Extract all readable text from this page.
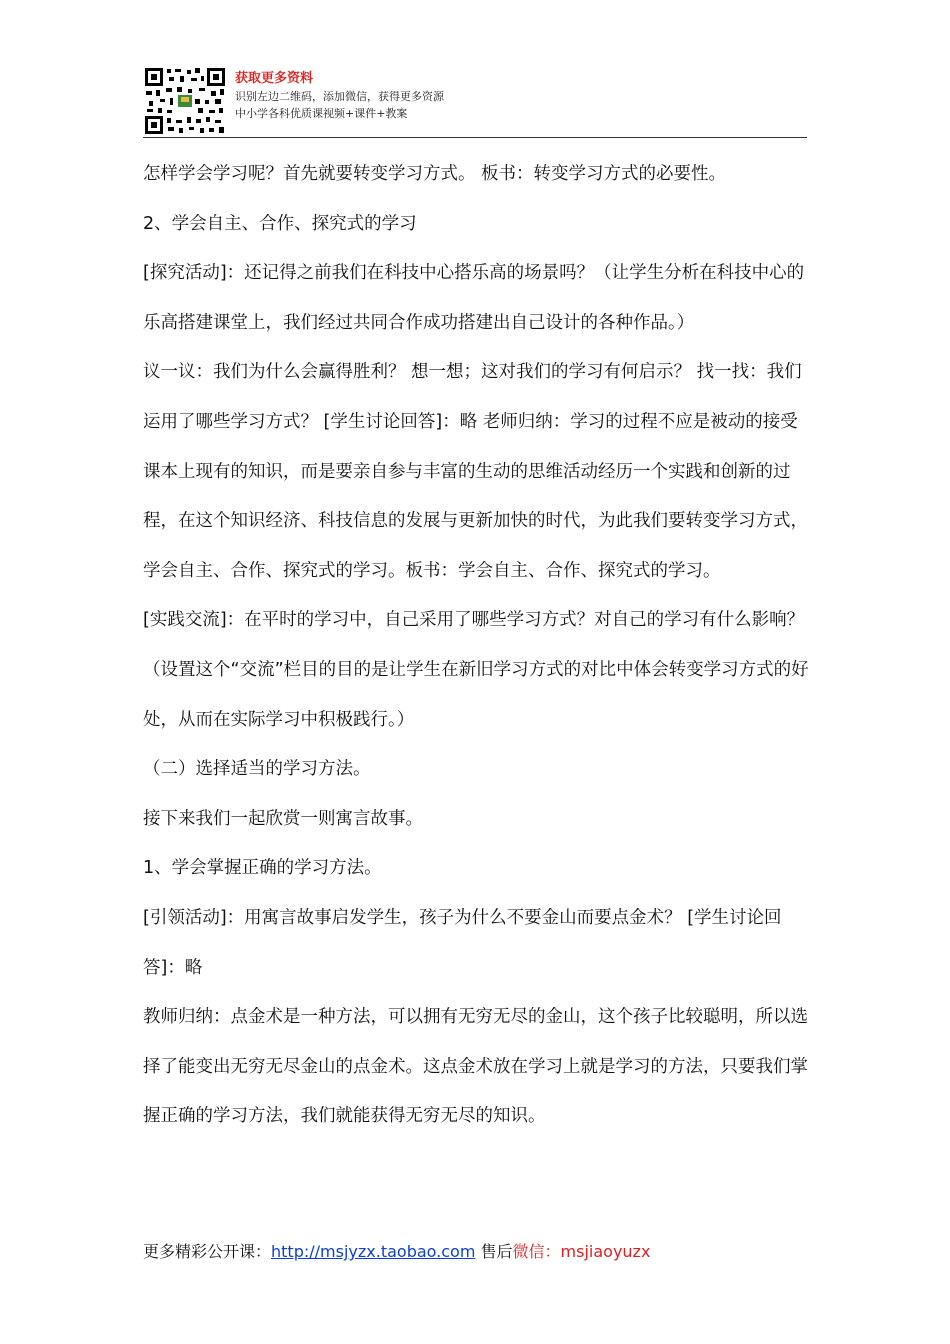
获取更多资料
识别左边二维码，添加微信，获得更多资源
中小学各科优质课视频+课件+教案

怎样学会学习呢？首先就要转变学习方式。 板书：转变学习方式的必要性。

2、学会自主、合作、探究式的学习

[探究活动]：还记得之前我们在科技中心搭乐高的场景吗？（让学生分析在科技中心的乐高搭建课堂上，我们经过共同合作成功搭建出自己设计的各种作品。）

议一议：我们为什么会赢得胜利？ 想一想；这对我们的学习有何启示？ 找一找：我们运用了哪些学习方式？ [学生讨论回答]：略 老师归纳：学习的过程不应是被动的接受课本上现有的知识，而是要亲自参与丰富的生动的思维活动经历一个实践和创新的过程，在这个知识经济、科技信息的发展与更新加快的时代，为此我们要转变学习方式，学会自主、合作、探究式的学习。板书：学会自主、合作、探究式的学习。

[实践交流]：在平时的学习中，自己采用了哪些学习方式？对自己的学习有什么影响？（设置这个“交流”栏目的目的是让学生在新旧学习方式的对比中体会转变学习方式的好处，从而在实际学习中积极践行。）

（二）选择适当的学习方法。

接下来我们一起欣赏一则寓言故事。

1、学会掌握正确的学习方法。

[引领活动]：用寓言故事启发学生，孩子为什么不要金山而要点金术？ [学生讨论回答]：略

教师归纳：点金术是一种方法，可以拥有无穷无尽的金山，这个孩子比较聪明，所以选择了能变出无穷无尽金山的点金术。这点金术放在学习上就是学习的方法，只要我们掌握正确的学习方法，我们就能获得无穷无尽的知识。

更多精彩公开课：http://msjyzx.taobao.com 售后微信：msjiaoyuzx
